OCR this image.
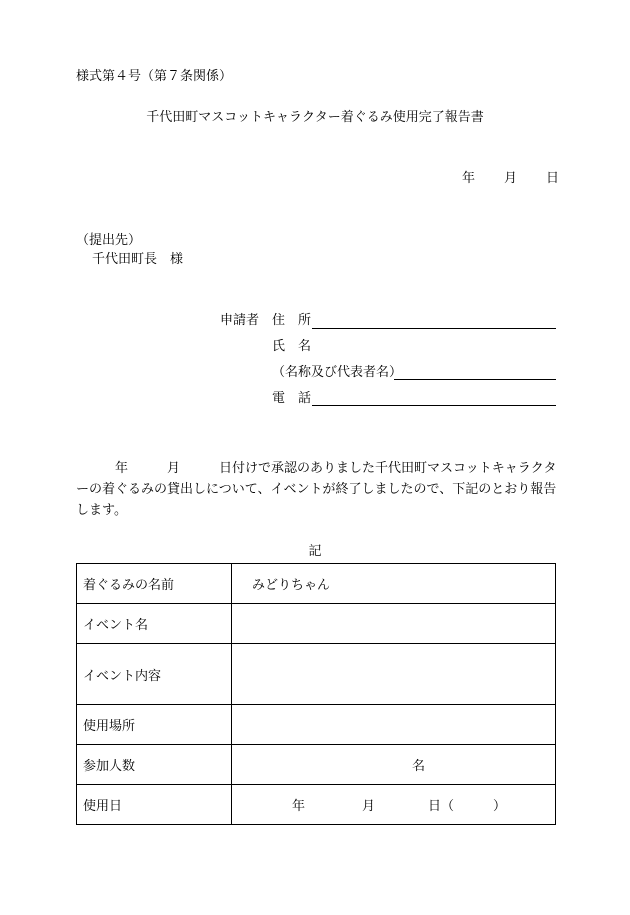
様式第４号（第７条関係）
千代田町マスコットキャラクター着ぐるみ使用完了報告書
年 月 日
（提出先）
千代田町長　様
申請者 住　所
氏　名
（名称及び代表者名）
電　話
　　　年　　　月　　　日付けで承認のありました千代田町マスコットキャラクターの着ぐるみの貸出しについて、イベントが終了しましたので、下記のとおり報告します。
記
着ぐるみの名前	みどりちゃん
イベント名	
イベント内容	
使用場所	
参加人数	名
使用日	年 月 日（　　　）
